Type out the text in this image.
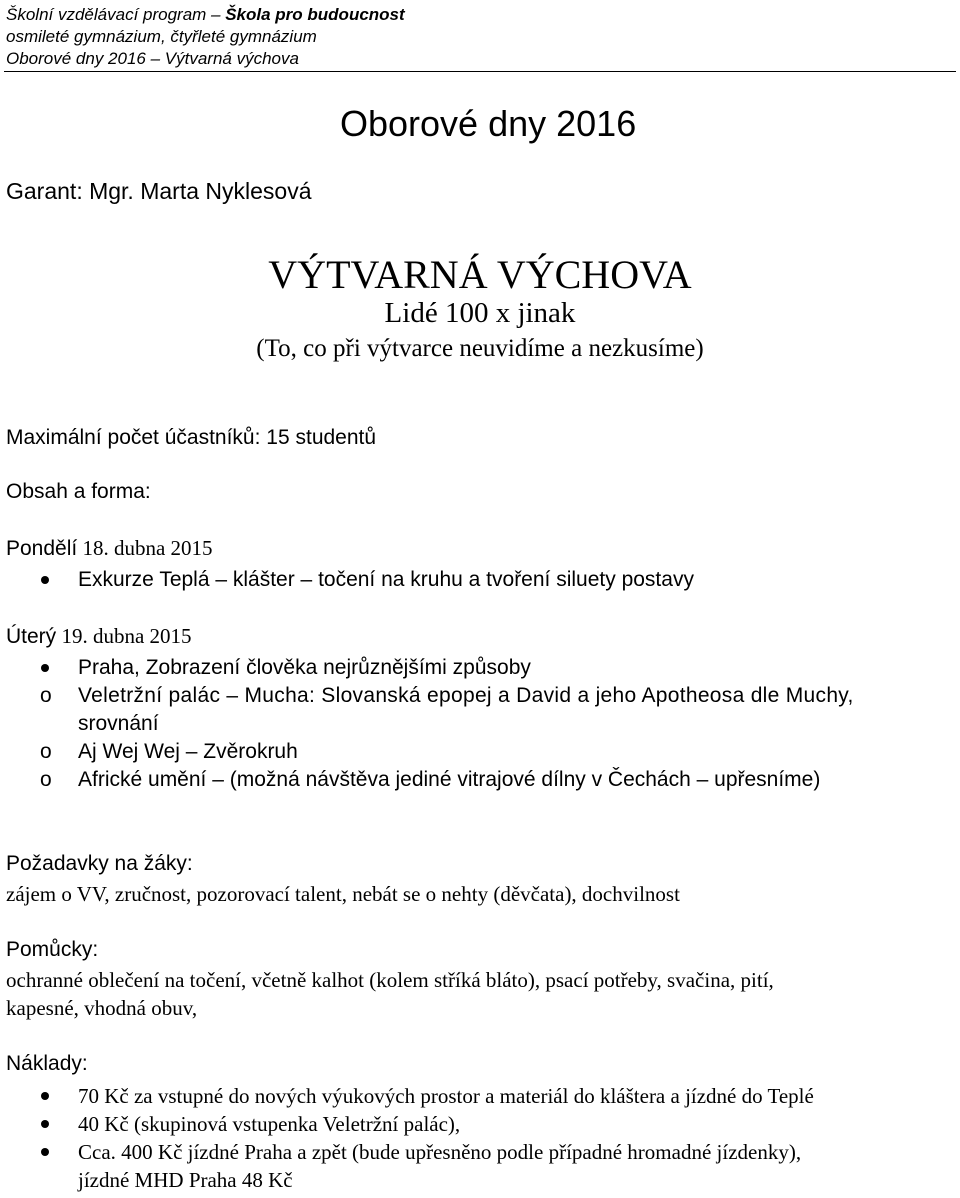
Školní vzdělávací program – Škola pro budoucnost
osmileté gymnázium, čtyřleté gymnázium
Oborové dny 2016 – Výtvarná výchova
Oborové dny 2016
Garant: Mgr. Marta Nyklesová
VÝTVARNÁ VÝCHOVA
Lidé 100 x jinak
(To, co při výtvarce neuvidíme a nezkusíme)
Maximální počet účastníků: 15 studentů
Obsah a forma:
Pondělí 18. dubna 2015
Exkurze Teplá – klášter – točení na kruhu a tvoření siluety postavy
Úterý 19. dubna 2015
Praha, Zobrazení člověka nejrůznějšími způsoby
o Veletržní palác – Mucha: Slovanská epopej a David a jeho Apotheosa dle Muchy,
srovnání
o Aj Wej Wej – Zvěrokruh
o Africké umění – (možná návštěva jediné vitrajové dílny v Čechách – upřesníme)
Požadavky na žáky:
zájem o VV, zručnost, pozorovací talent, nebát se o nehty (děvčata), dochvilnost
Pomůcky:
ochranné oblečení na točení, včetně kalhot (kolem stříká bláto), psací potřeby, svačina, pití,
kapesné, vhodná obuv,
Náklady:
70 Kč za vstupné do nových výukových prostor a materiál do kláštera a jízdné do Teplé
40 Kč (skupinová vstupenka Veletržní palác),
Cca. 400 Kč jízdné Praha a zpět (bude upřesněno podle případné hromadné jízdenky),
jízdné MHD Praha 48 Kč
